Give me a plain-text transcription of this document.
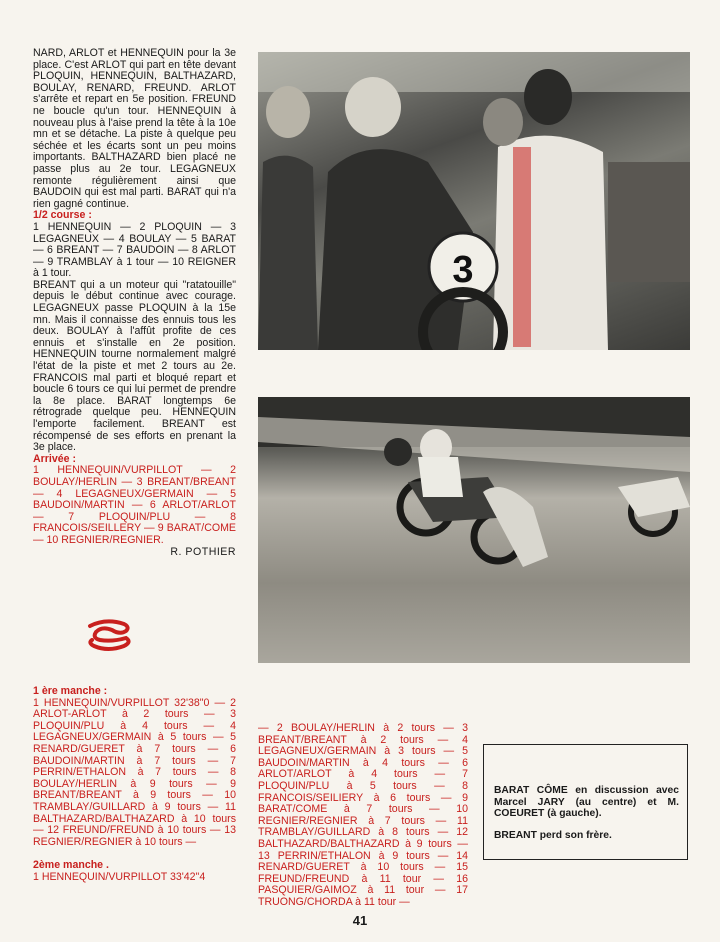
NARD, ARLOT et HENNEQUIN pour la 3e place. C'est ARLOT qui part en tête devant PLOQUIN, HENNEQUIN, BALTHAZARD, BOULAY, RENARD, FREUND. ARLOT s'arrête et repart en 5e position. FREUND ne boucle qu'un tour. HENNEQUIN à nouveau plus à l'aise prend la tête à la 10e mn et se détache. La piste à quelque peu séchée et les écarts sont un peu moins importants. BALTHAZARD bien placé ne passe plus au 2e tour. LEGAGNEUX remonte régulièrement ainsi que BAUDOIN qui est mal parti. BARAT qui n'a rien gagné continue.

1/2 course :

1 HENNEQUIN — 2 PLOQUIN — 3 LEGAGNEUX — 4 BOULAY — 5 BARAT — 6 BREANT — 7 BAUDOIN — 8 ARLOT — 9 TRAMBLAY à 1 tour — 10 REIGNER à 1 tour.

BREANT qui a un moteur qui "ratatouille" depuis le début continue avec courage. LEGAGNEUX passe PLOQUIN à la 15e mn. Mais il connaisse des ennuis tous les deux. BOULAY à l'affût profite de ces ennuis et s'installe en 2e position. HENNEQUIN tourne normalement malgré l'état de la piste et met 2 tours au 2e. FRANCOIS mal parti et bloqué repart et boucle 6 tours ce qui lui permet de prendre la 8e place. BARAT longtemps 6e rétrograde quelque peu. HENNEQUIN l'emporte facilement. BREANT est récompensé de ses efforts en prenant la 3e place.

Arrivée :

1 HENNEQUIN/VURPILLOT — 2 BOULAY/HERLIN — 3 BREANT/BREANT — 4 LEGAGNEUX/GERMAIN — 5 BAUDOIN/MARTIN — 6 ARLOT/ARLOT — 7 PLOQUIN/PLU — 8 FRANCOIS/SEILLERY — 9 BARAT/COME — 10 REGNIER/REGNIER.

R. POTHIER

3

1 ère manche :

1 HENNEQUIN/VURPILLOT 32'38"0 — 2 ARLOT-ARLOT à 2 tours — 3 PLOQUIN/PLU à 4 tours — 4 LEGAGNEUX/GERMAIN à 5 tours — 5 RENARD/GUERET à 7 tours — 6 BAUDOIN/MARTIN à 7 tours — 7 PERRIN/ETHALON à 7 tours — 8 BOULAY/HERLIN à 9 tours — 9 BREANT/BREANT à 9 tours — 10 TRAMBLAY/GUILLARD à 9 tours — 11 BALTHAZARD/BALTHAZARD à 10 tours — 12 FREUND/FREUND à 10 tours — 13 REGNIER/REGNIER à 10 tours —

2ème manche .

1 HENNEQUIN/VURPILLOT 33'42"4

— 2 BOULAY/HERLIN à 2 tours — 3 BREANT/BREANT à 2 tours — 4 LEGAGNEUX/GERMAIN à 3 tours — 5 BAUDOIN/MARTIN à 4 tours — 6 ARLOT/ARLOT à 4 tours — 7 PLOQUIN/PLU à 5 tours — 8 FRANCOIS/SEILIERY à 6 tours — 9 BARAT/COME à 7 tours — 10 REGNIER/REGNIER à 7 tours — 11 TRAMBLAY/GUILLARD à 8 tours — 12 BALTHAZARD/BALTHAZARD à 9 tours — 13 PERRIN/ETHALON à 9 tours — 14 RENARD/GUERET à 10 tours — 15 FREUND/FREUND à 11 tour — 16 PASQUIER/GAIMOZ à 11 tour — 17 TRUONG/CHORDA à 11 tour —

BARAT CÔME en discussion avec Marcel JARY (au centre) et M. COEURET (à gauche).

BREANT perd son frère.

41
